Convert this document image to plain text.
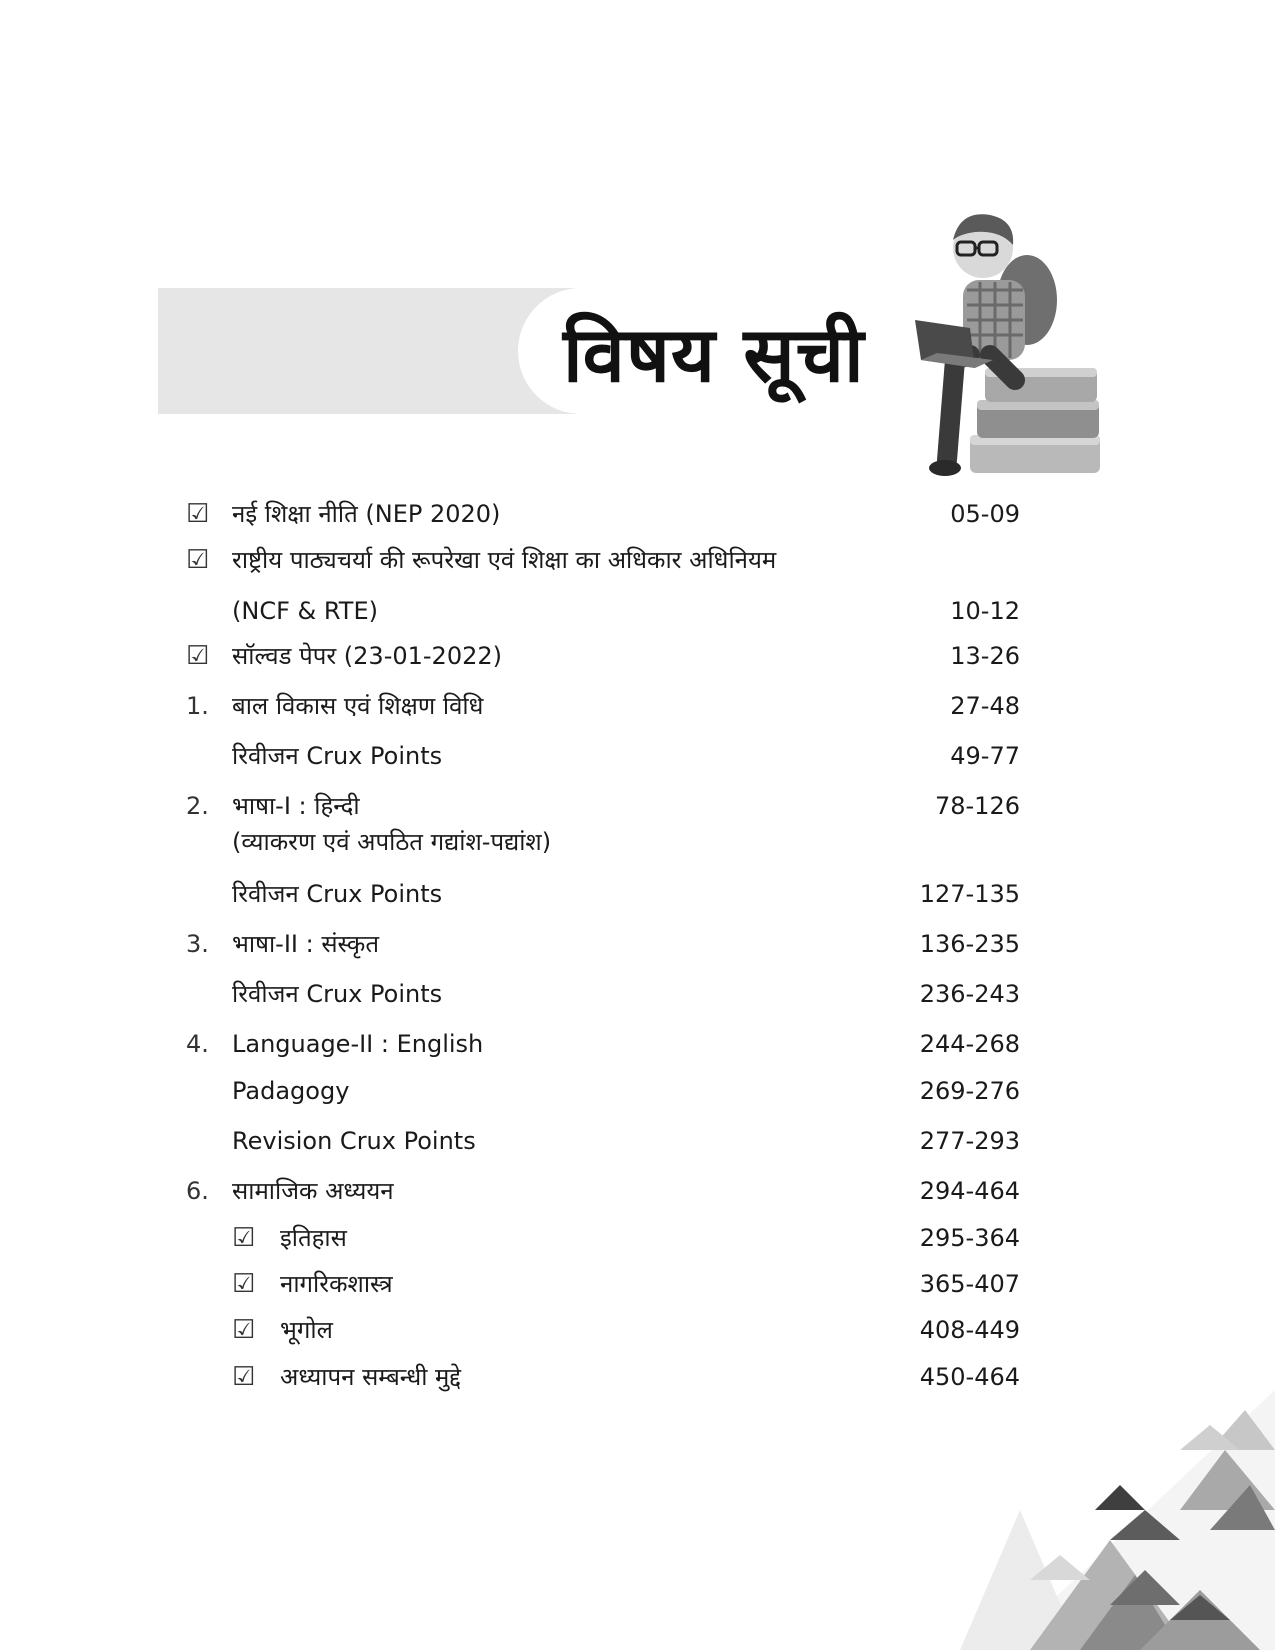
विषय सूची
☑ नई शिक्षा नीति (NEP 2020)	05-09
☑ राष्ट्रीय पाठ्यचर्या की रूपरेखा एवं शिक्षा का अधिकार अधिनियम
(NCF & RTE)	10-12
☑ सॉल्वड पेपर (23-01-2022)	13-26
1. बाल विकास एवं शिक्षण विधि	27-48
रिवीजन Crux Points	49-77
2. भाषा-I : हिन्दी
(व्याकरण एवं अपठित गद्यांश-पद्यांश)
78-126
रिवीजन Crux Points	127-135
3. भाषा-II : संस्कृत	136-235
रिवीजन Crux Points	236-243
4. Language-II : English	244-268
Padagogy	269-276
Revision Crux Points	277-293
6. सामाजिक अध्ययन	294-464
☑ इतिहास	295-364
☑ नागरिकशास्त्र	365-407
☑ भूगोल	408-449
☑ अध्यापन सम्बन्धी मुद्दे	450-464
